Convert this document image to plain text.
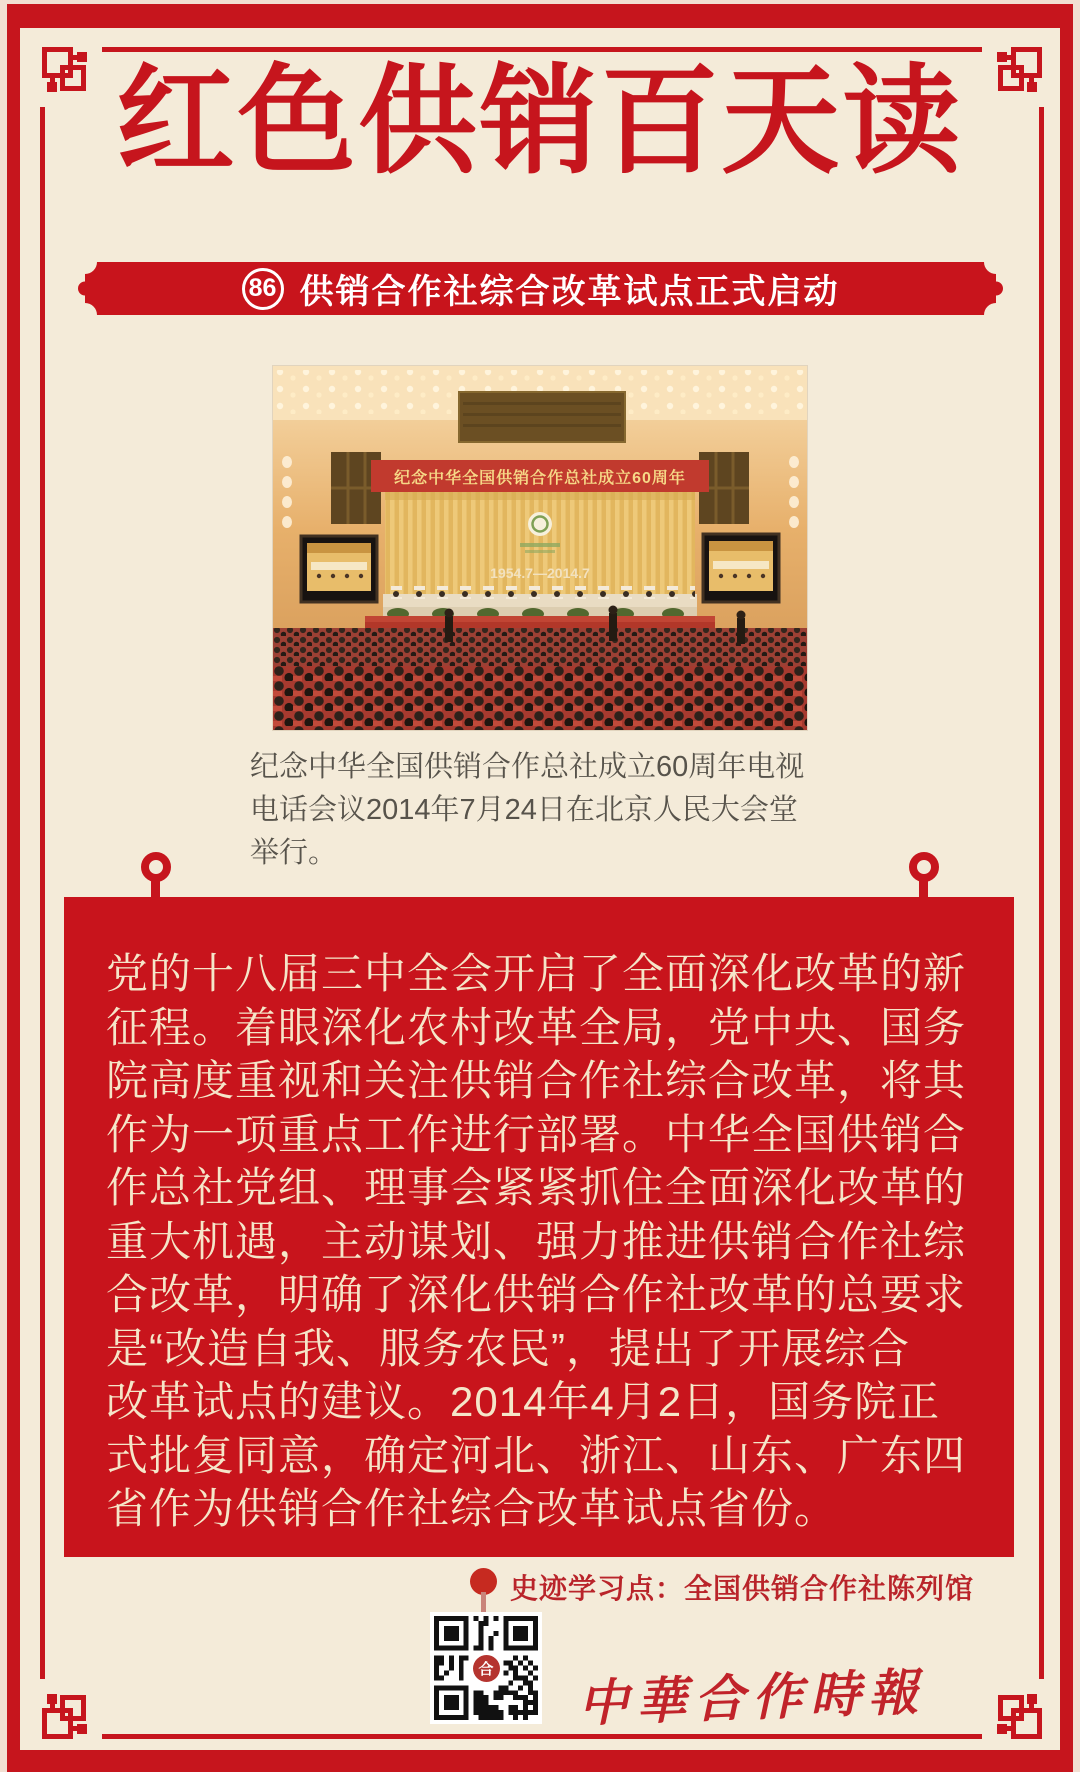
红色供销百天读
86 供销合作社综合改革试点正式启动
纪念中华全国供销合作总社成立60周年
1954.7—2014.7
纪念中华全国供销合作总社成立60周年电视电话会议2014年7月24日在北京人民大会堂举行。
党的十八届三中全会开启了全面深化改革的新
征程。着眼深化农村改革全局，党中央、国务
院高度重视和关注供销合作社综合改革，将其
作为一项重点工作进行部署。中华全国供销合
作总社党组、理事会紧紧抓住全面深化改革的
重大机遇，主动谋划、强力推进供销合作社综
合改革，明确了深化供销合作社改革的总要求
是“改造自我、服务农民”，提出了开展综合
改革试点的建议。2014年4月2日，国务院正
式批复同意，确定河北、浙江、山东、广东四
省作为供销合作社综合改革试点省份。
史迹学习点：全国供销合作社陈列馆
合 中華合作時報
